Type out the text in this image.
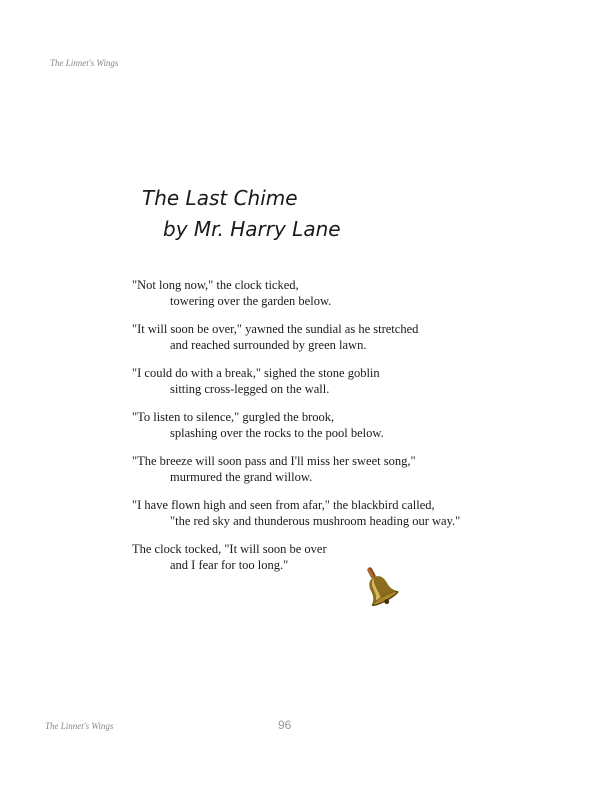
The Linnet's Wings
The Last Chime
by Mr. Harry Lane
"Not long now," the clock ticked,
towering over the garden below.
"It will soon be over," yawned the sundial as he stretched
and reached surrounded by green lawn.
"I could do with a break," sighed the stone goblin
sitting cross-legged on the wall.
"To listen to silence," gurgled the brook,
splashing over the rocks to the pool below.
"The breeze will soon pass and I'll miss her sweet song,"
murmured the grand willow.
"I have flown high and seen from afar," the blackbird called,
"the red sky and thunderous mushroom heading our way."
The clock tocked, "It will soon be over
and I fear for too long."
The Linnet's Wings	96
